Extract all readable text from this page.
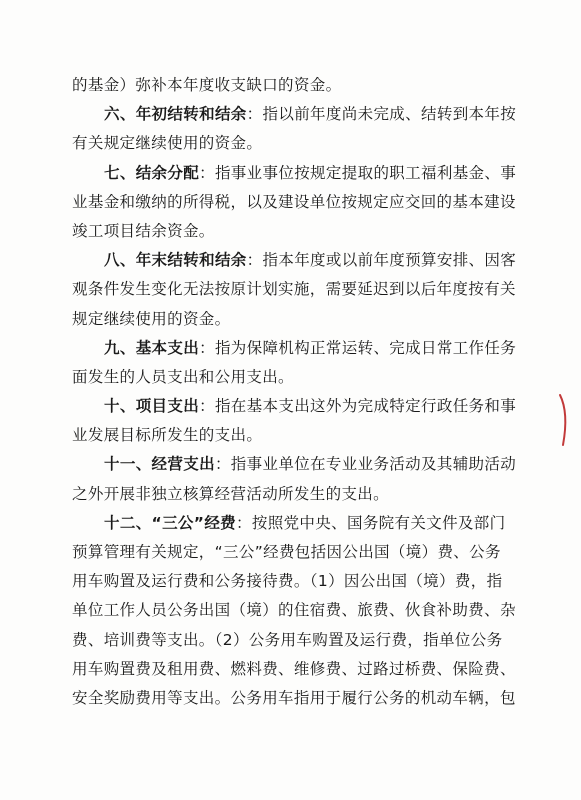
的基金）弥补本年度收支缺口的资金。
六、年初结转和结余：指以前年度尚未完成、结转到本年按
有关规定继续使用的资金。
七、结余分配：指事业事位按规定提取的职工福利基金、事
业基金和缴纳的所得税，以及建设单位按规定应交回的基本建设
竣工项目结余资金。
八、年末结转和结余：指本年度或以前年度预算安排、因客
观条件发生变化无法按原计划实施，需要延迟到以后年度按有关
规定继续使用的资金。
九、基本支出：指为保障机构正常运转、完成日常工作任务
面发生的人员支出和公用支出。
十、项目支出：指在基本支出这外为完成特定行政任务和事
业发展目标所发生的支出。
十一、经营支出：指事业单位在专业业务活动及其辅助活动
之外开展非独立核算经营活动所发生的支出。
十二、“三公”经费：按照党中央、国务院有关文件及部门
预算管理有关规定，“三公”经费包括因公出国（境）费、公务
用车购置及运行费和公务接待费。（1）因公出国（境）费，指
单位工作人员公务出国（境）的住宿费、旅费、伙食补助费、杂
费、培训费等支出。（2）公务用车购置及运行费，指单位公务
用车购置费及租用费、燃料费、维修费、过路过桥费、保险费、
安全奖励费用等支出。公务用车指用于履行公务的机动车辆，包
